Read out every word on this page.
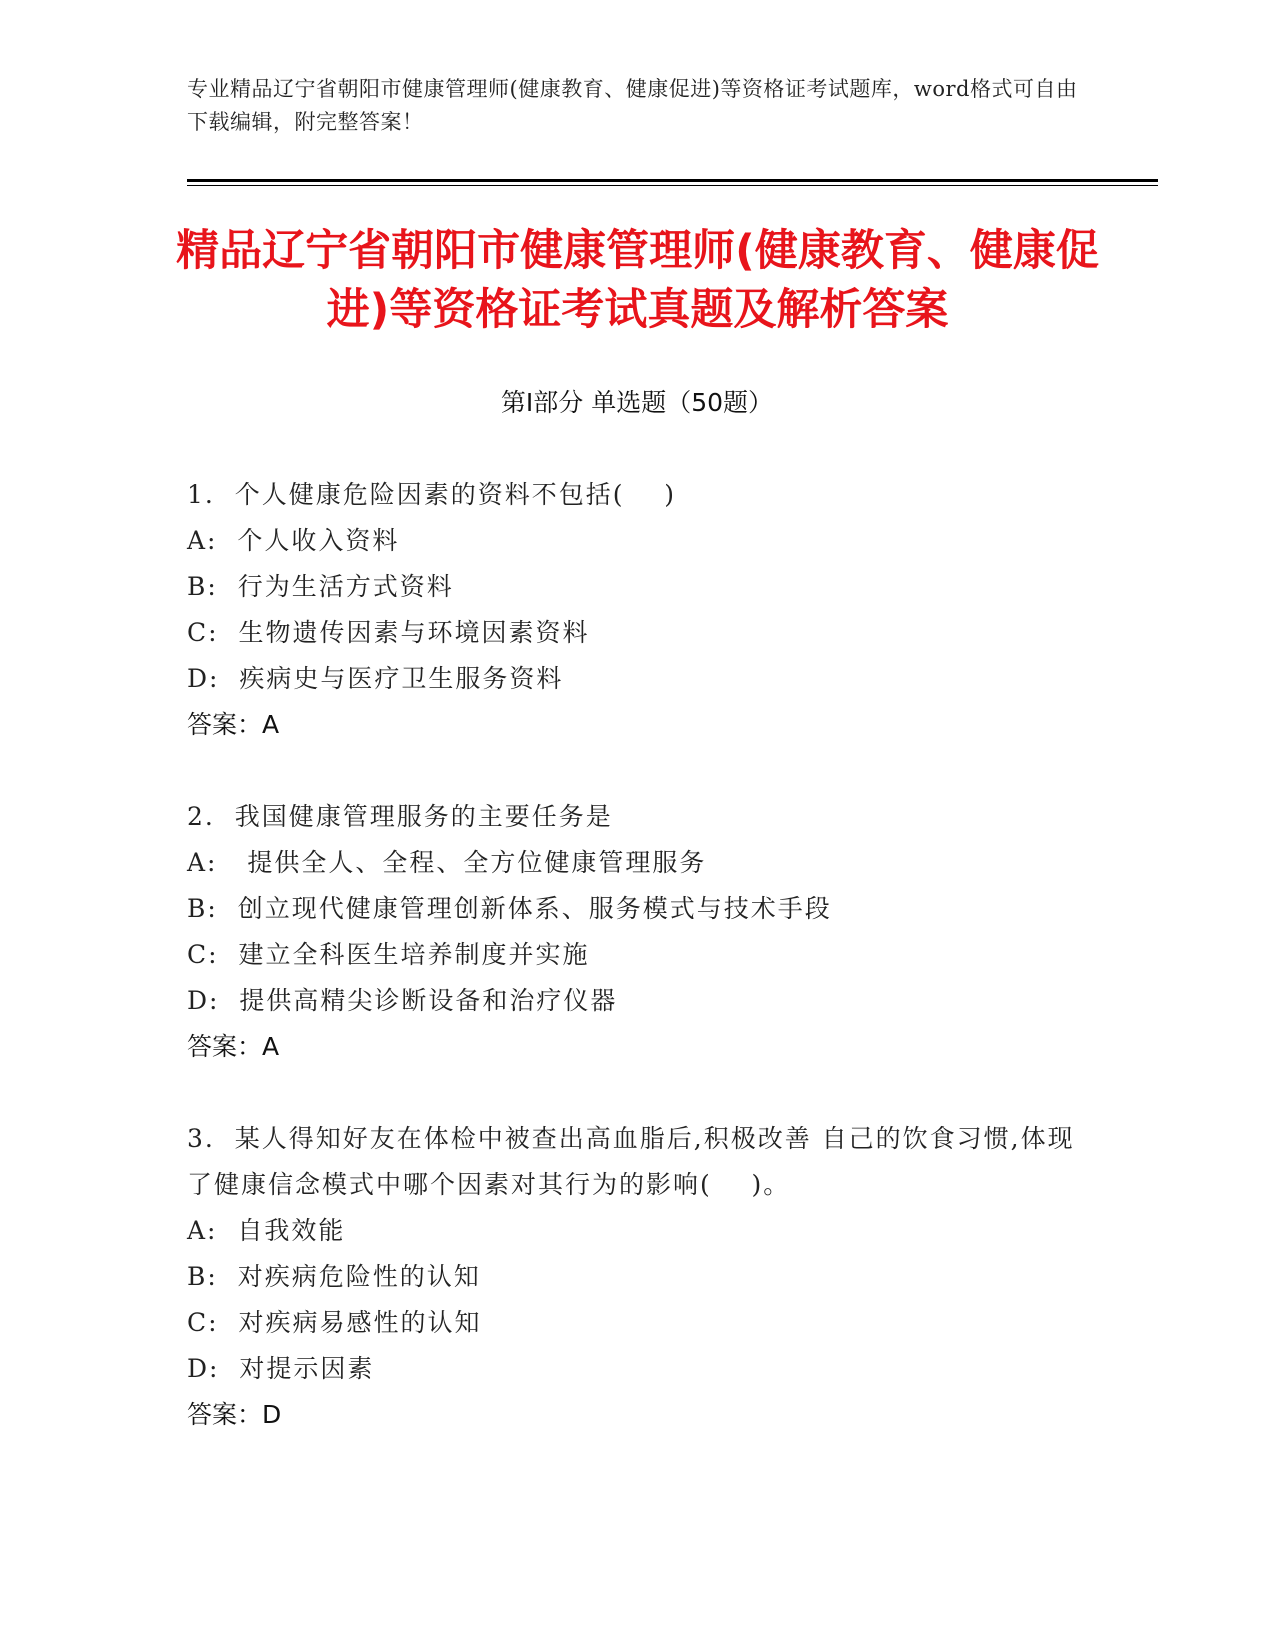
专业精品辽宁省朝阳市健康管理师(健康教育、健康促进)等资格证考试题库，word格式可自由下载编辑，附完整答案！
精品辽宁省朝阳市健康管理师(健康教育、健康促进)等资格证考试真题及解析答案
第Ⅰ部分 单选题（50题）
1.  个人健康危险因素的资料不包括(    )
A:  个人收入资料
B:  行为生活方式资料
C:  生物遗传因素与环境因素资料
D:  疾病史与医疗卫生服务资料
答案：A
2.  我国健康管理服务的主要任务是
A:   提供全人、全程、全方位健康管理服务
B:  创立现代健康管理创新体系、服务模式与技术手段
C:  建立全科医生培养制度并实施
D:  提供高精尖诊断设备和治疗仪器
答案：A
3.  某人得知好友在体检中被查出高血脂后,积极改善 自己的饮食习惯,体现了健康信念模式中哪个因素对其行为的影响(    )。
A:  自我效能
B:  对疾病危险性的认知
C:  对疾病易感性的认知
D:  对提示因素
答案：D
